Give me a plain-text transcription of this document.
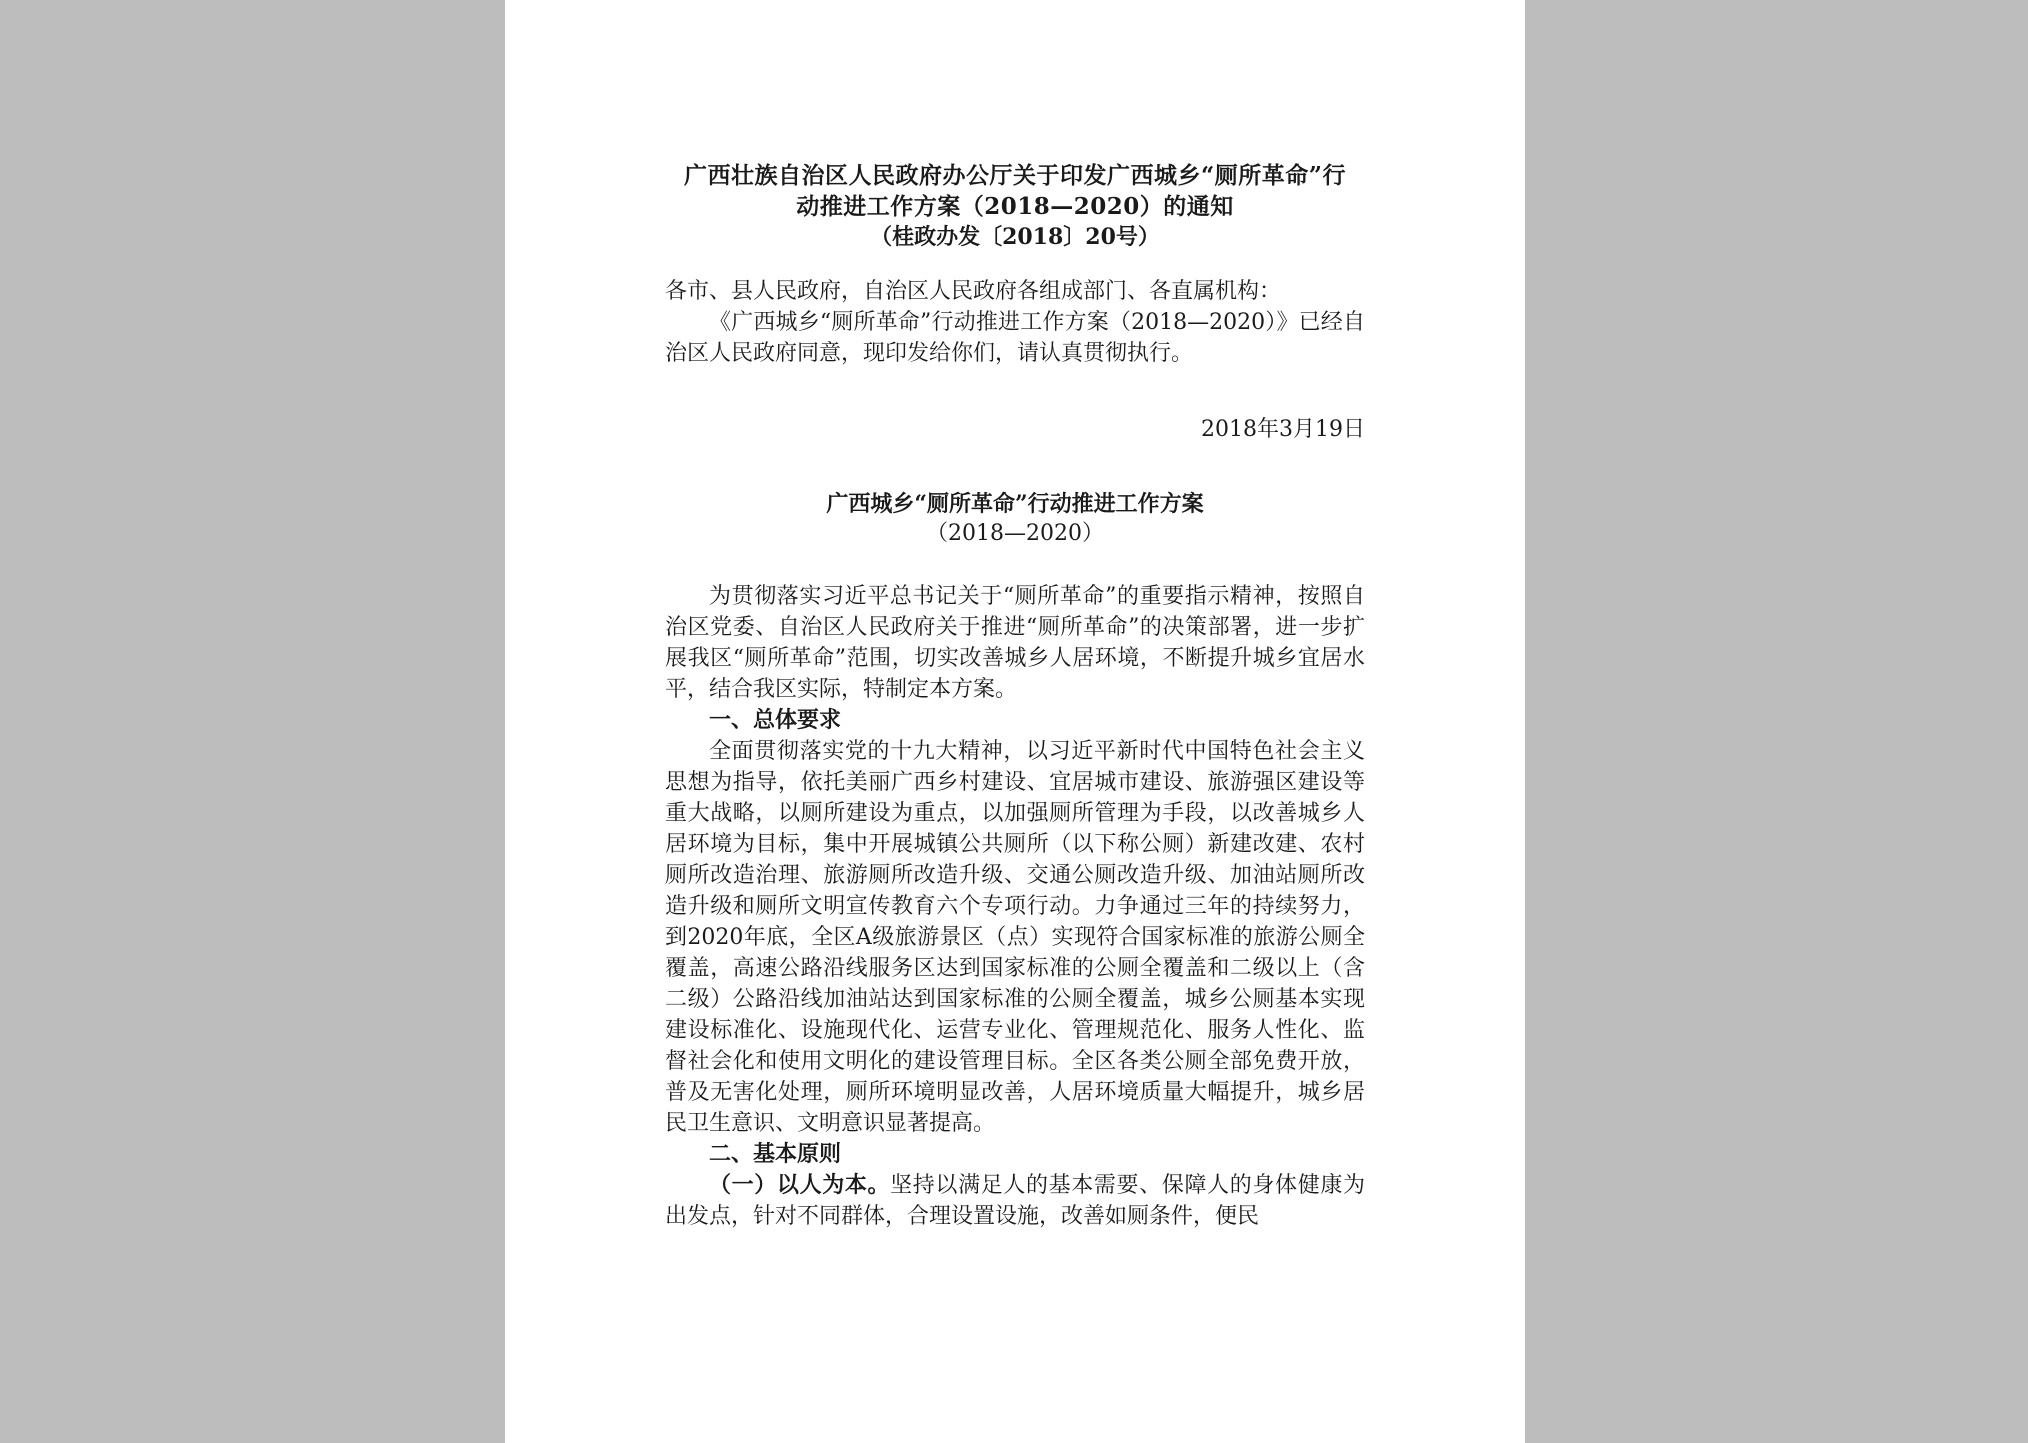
广西壮族自治区人民政府办公厅关于印发广西城乡“厕所革命”行
动推进工作方案（2018—2020）的通知
（桂政办发〔2018〕20号）

各市、县人民政府，自治区人民政府各组成部门、各直属机构：

《广西城乡“厕所革命”行动推进工作方案（2018—2020）》已经自治区人民政府同意，现印发给你们，请认真贯彻执行。

2018年3月19日
广西城乡“厕所革命”行动推进工作方案
（2018—2020）

为贯彻落实习近平总书记关于“厕所革命”的重要指示精神，按照自治区党委、自治区人民政府关于推进“厕所革命”的决策部署，进一步扩展我区“厕所革命”范围，切实改善城乡人居环境，不断提升城乡宜居水平，结合我区实际，特制定本方案。

一、总体要求

全面贯彻落实党的十九大精神，以习近平新时代中国特色社会主义思想为指导，依托美丽广西乡村建设、宜居城市建设、旅游强区建设等重大战略，以厕所建设为重点，以加强厕所管理为手段，以改善城乡人居环境为目标，集中开展城镇公共厕所（以下称公厕）新建改建、农村厕所改造治理、旅游厕所改造升级、交通公厕改造升级、加油站厕所改造升级和厕所文明宣传教育六个专项行动。力争通过三年的持续努力，到2020年底，全区A级旅游景区（点）实现符合国家标准的旅游公厕全覆盖，高速公路沿线服务区达到国家标准的公厕全覆盖和二级以上（含二级）公路沿线加油站达到国家标准的公厕全覆盖，城乡公厕基本实现建设标准化、设施现代化、运营专业化、管理规范化、服务人性化、监督社会化和使用文明化的建设管理目标。全区各类公厕全部免费开放，普及无害化处理，厕所环境明显改善，人居环境质量大幅提升，城乡居民卫生意识、文明意识显著提高。

二、基本原则

（一）以人为本。坚持以满足人的基本需要、保障人的身体健康为出发点，针对不同群体，合理设置设施，改善如厕条件，便民
